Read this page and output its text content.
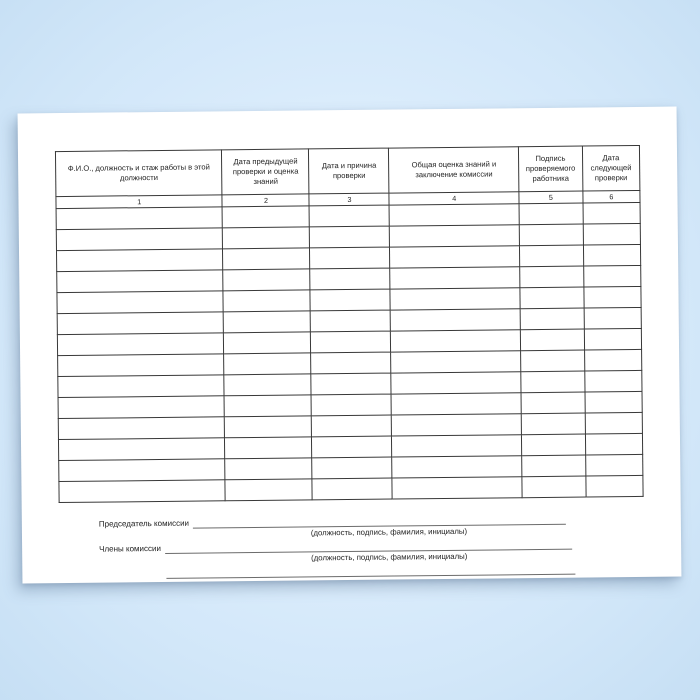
Ф.И.О., должность и стаж работы в этой должности	Дата предыдущей проверки и оценка знаний	Дата и причина проверки	Общая оценка знаний и заключение комиссии	Подпись проверяемого работника	Дата следующей проверки
1	2	3	4	5	6

Председатель комиссии
(должность, подпись, фамилия, инициалы)
Члены комиссии
(должность, подпись, фамилия, инициалы)
